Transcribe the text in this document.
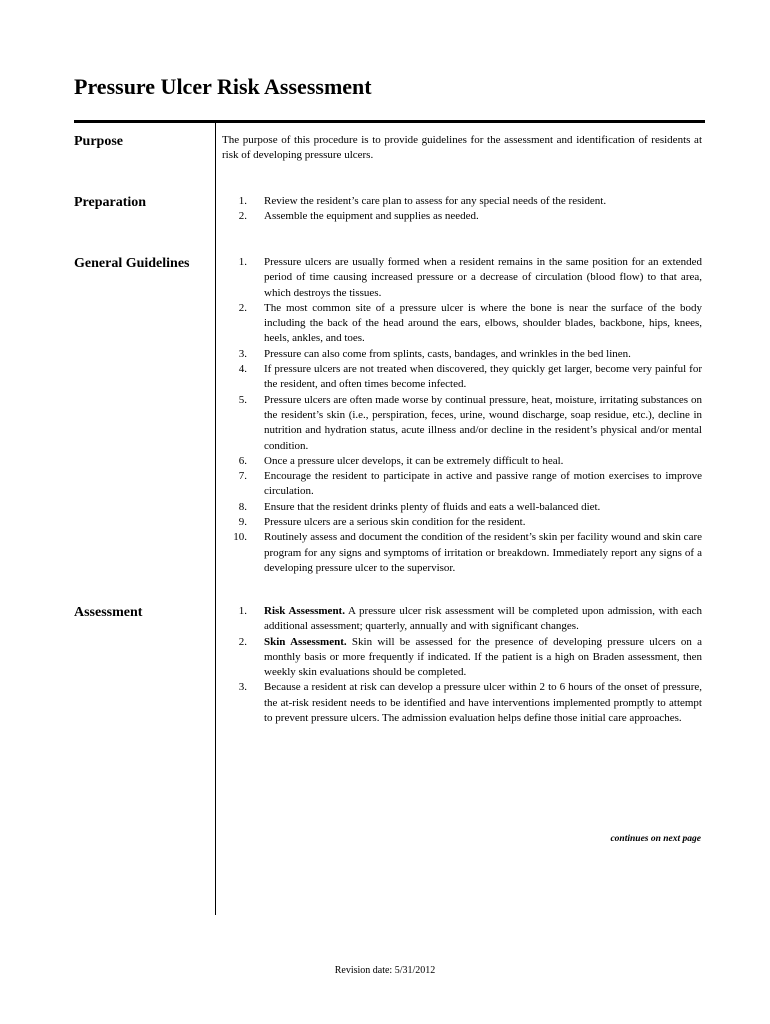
Pressure Ulcer Risk Assessment
Purpose	The purpose of this procedure is to provide guidelines for the assessment and identification of residents at risk of developing pressure ulcers.

Preparation	1. Review the resident’s care plan to assess for any special needs of the resident.
2. Assemble the equipment and supplies as needed.
General Guidelines	1. Pressure ulcers are usually formed when a resident remains in the same position for an extended period of time causing increased pressure or a decrease of circulation (blood flow) to that area, which destroys the tissues.
2. The most common site of a pressure ulcer is where the bone is near the surface of the body including the back of the head around the ears, elbows, shoulder blades, backbone, hips, knees, heels, ankles, and toes.
3. Pressure can also come from splints, casts, bandages, and wrinkles in the bed linen.
4. If pressure ulcers are not treated when discovered, they quickly get larger, become very painful for the resident, and often times become infected.
5. Pressure ulcers are often made worse by continual pressure, heat, moisture, irritating substances on the resident’s skin (i.e., perspiration, feces, urine, wound discharge, soap residue, etc.), decline in nutrition and hydration status, acute illness and/or decline in the resident’s physical and/or mental condition.
6. Once a pressure ulcer develops, it can be extremely difficult to heal.
7. Encourage the resident to participate in active and passive range of motion exercises to improve circulation.
8. Ensure that the resident drinks plenty of fluids and eats a well-balanced diet.
9. Pressure ulcers are a serious skin condition for the resident.
10. Routinely assess and document the condition of the resident’s skin per facility wound and skin care program for any signs and symptoms of irritation or breakdown. Immediately report any signs of a developing pressure ulcer to the supervisor.
Assessment	1. Risk Assessment. A pressure ulcer risk assessment will be completed upon admission, with each additional assessment; quarterly, annually and with significant changes.
2. Skin Assessment. Skin will be assessed for the presence of developing pressure ulcers on a monthly basis or more frequently if indicated. If the patient is a high on Braden assessment, then weekly skin evaluations should be completed.
3. Because a resident at risk can develop a pressure ulcer within 2 to 6 hours of the onset of pressure, the at-risk resident needs to be identified and have interventions implemented promptly to attempt to prevent pressure ulcers. The admission evaluation helps define those initial care approaches.
continues on next page
Revision date: 5/31/2012
